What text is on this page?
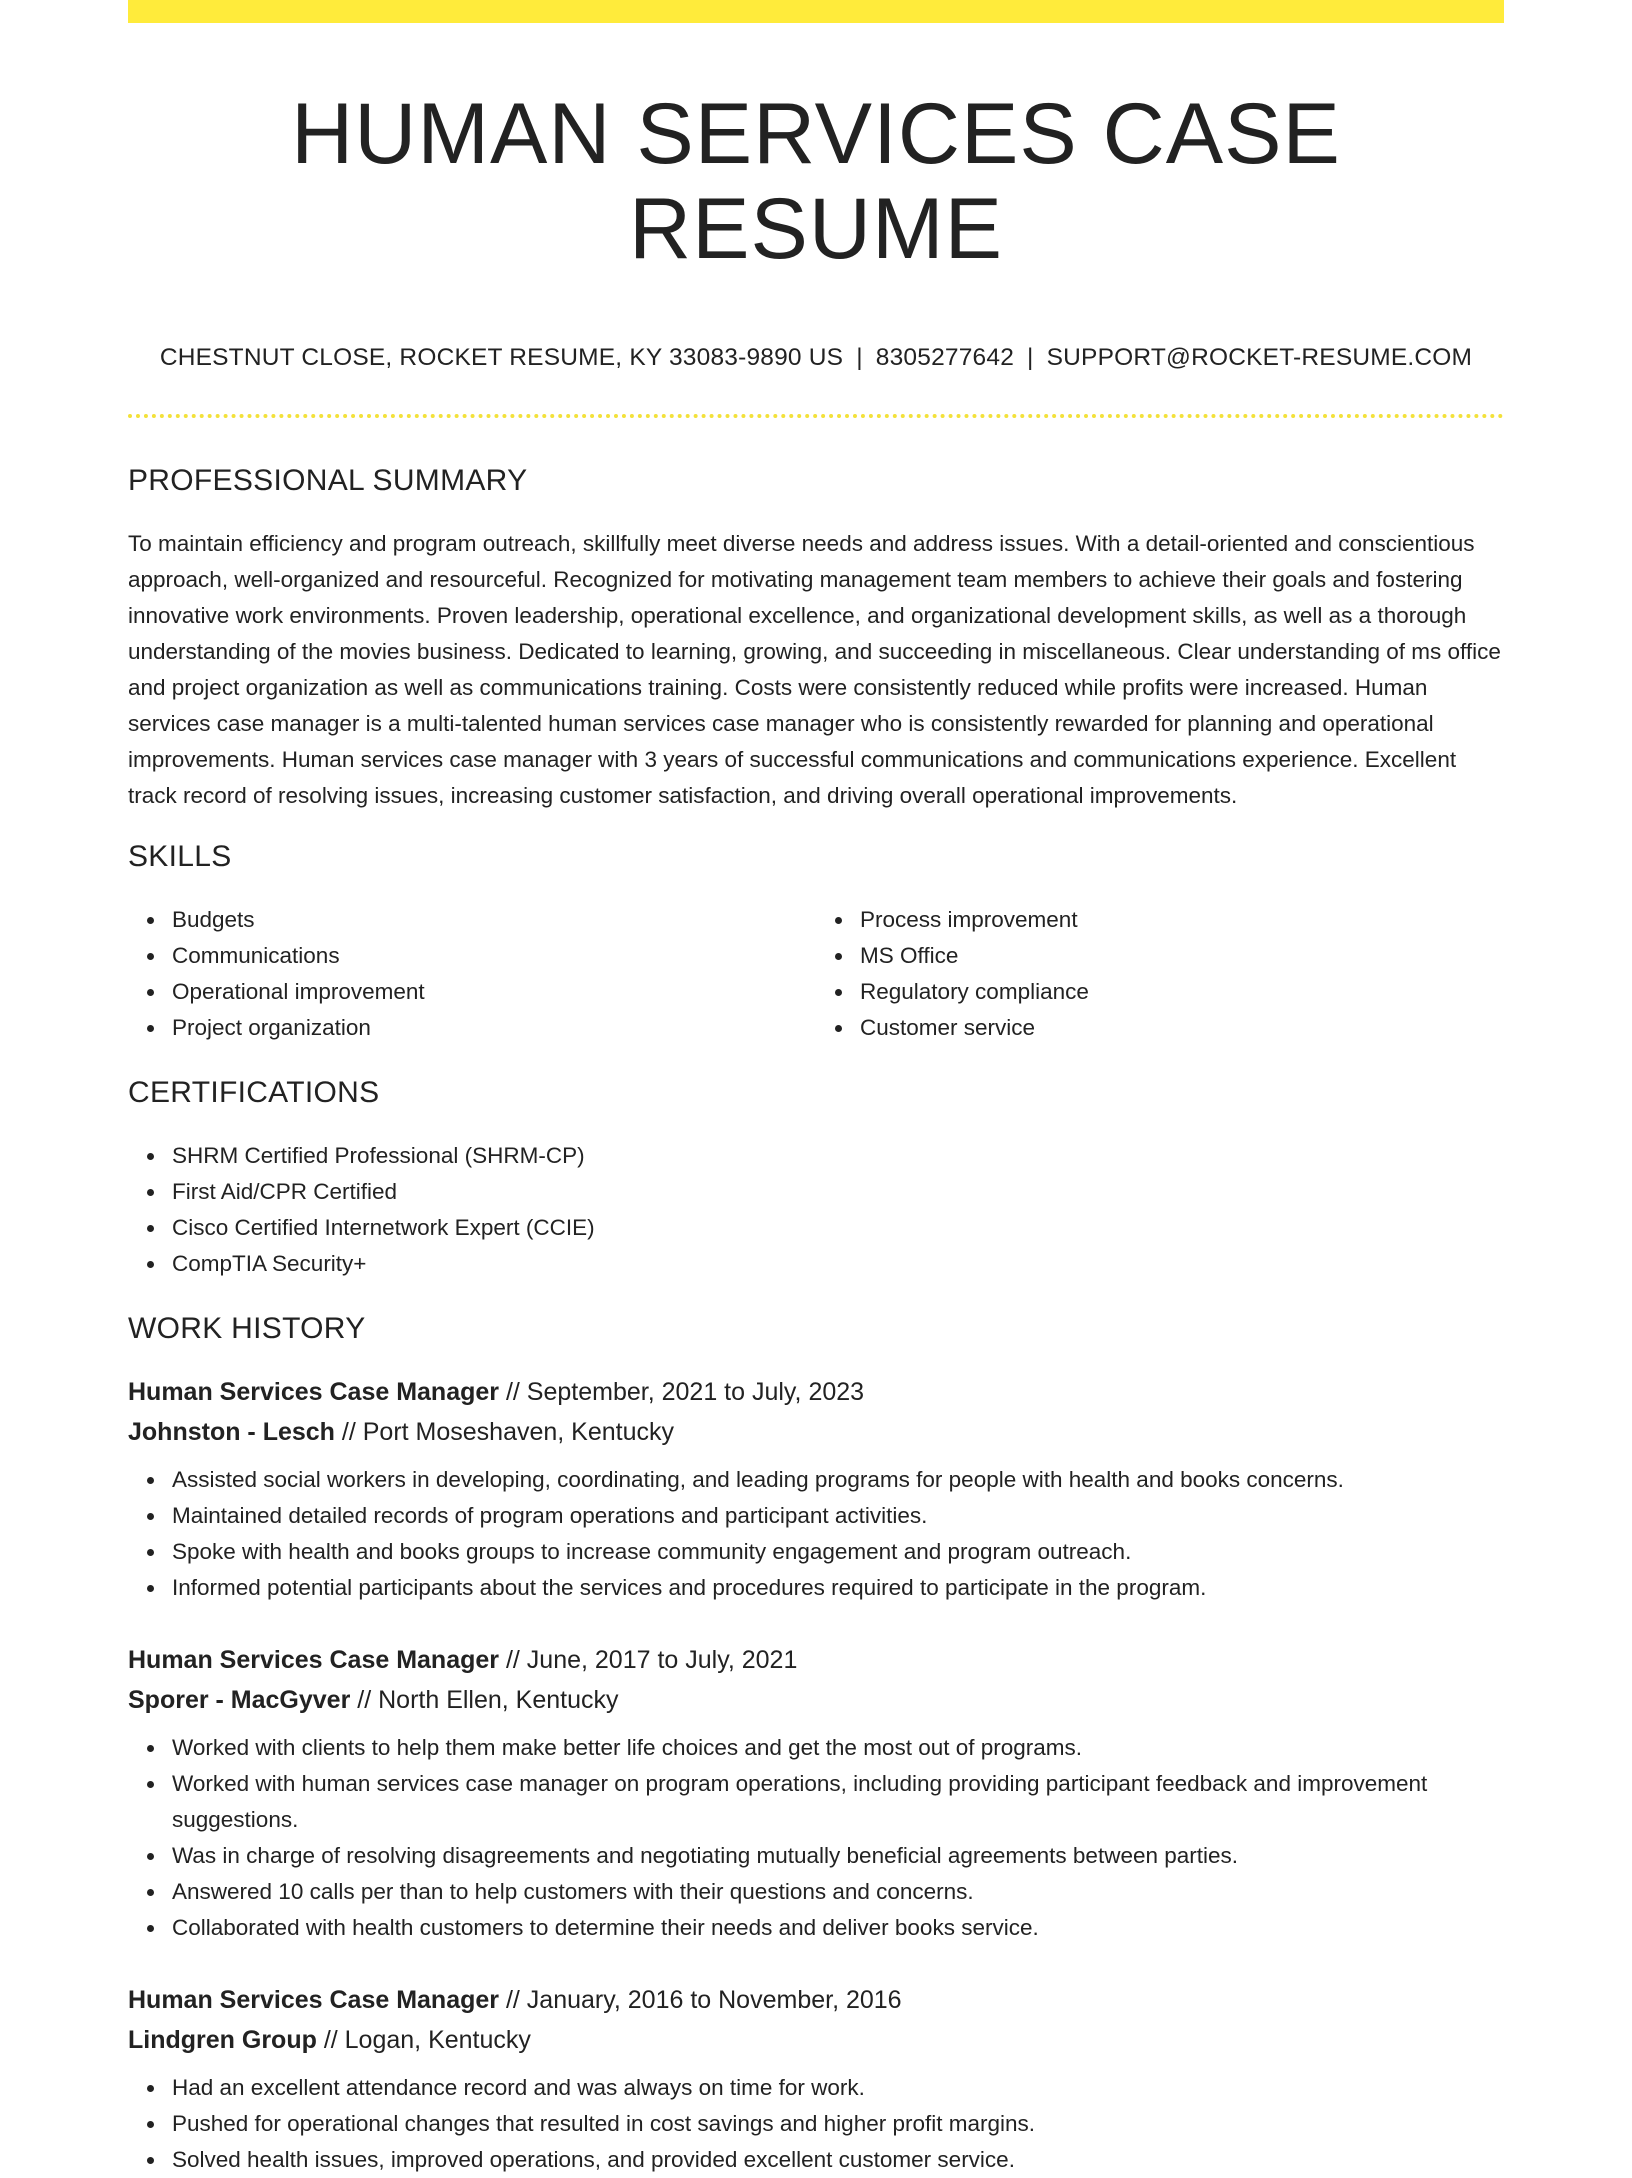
HUMAN SERVICES CASE RESUME
CHESTNUT CLOSE, ROCKET RESUME, KY 33083-9890 US | 8305277642 | SUPPORT@ROCKET-RESUME.COM
PROFESSIONAL SUMMARY

To maintain efficiency and program outreach, skillfully meet diverse needs and address issues. With a detail-oriented and conscientious approach, well-organized and resourceful. Recognized for motivating management team members to achieve their goals and fostering innovative work environments. Proven leadership, operational excellence, and organizational development skills, as well as a thorough understanding of the movies business. Dedicated to learning, growing, and succeeding in miscellaneous. Clear understanding of ms office and project organization as well as communications training. Costs were consistently reduced while profits were increased. Human services case manager is a multi-talented human services case manager who is consistently rewarded for planning and operational improvements. Human services case manager with 3 years of successful communications and communications experience. Excellent track record of resolving issues, increasing customer satisfaction, and driving overall operational improvements.

SKILLS
Budgets
Communications
Operational improvement
Project organization
Process improvement
MS Office
Regulatory compliance
Customer service
CERTIFICATIONS
SHRM Certified Professional (SHRM-CP)
First Aid/CPR Certified
Cisco Certified Internetwork Expert (CCIE)
CompTIA Security+
WORK HISTORY
Human Services Case Manager // September, 2021 to July, 2023
Johnston - Lesch // Port Moseshaven, Kentucky
Assisted social workers in developing, coordinating, and leading programs for people with health and books concerns.
Maintained detailed records of program operations and participant activities.
Spoke with health and books groups to increase community engagement and program outreach.
Informed potential participants about the services and procedures required to participate in the program.
Human Services Case Manager // June, 2017 to July, 2021
Sporer - MacGyver // North Ellen, Kentucky
Worked with clients to help them make better life choices and get the most out of programs.
Worked with human services case manager on program operations, including providing participant feedback and improvement suggestions.
Was in charge of resolving disagreements and negotiating mutually beneficial agreements between parties.
Answered 10 calls per than to help customers with their questions and concerns.
Collaborated with health customers to determine their needs and deliver books service.
Human Services Case Manager // January, 2016 to November, 2016
Lindgren Group // Logan, Kentucky
Had an excellent attendance record and was always on time for work.
Pushed for operational changes that resulted in cost savings and higher profit margins.
Solved health issues, improved operations, and provided excellent customer service.
